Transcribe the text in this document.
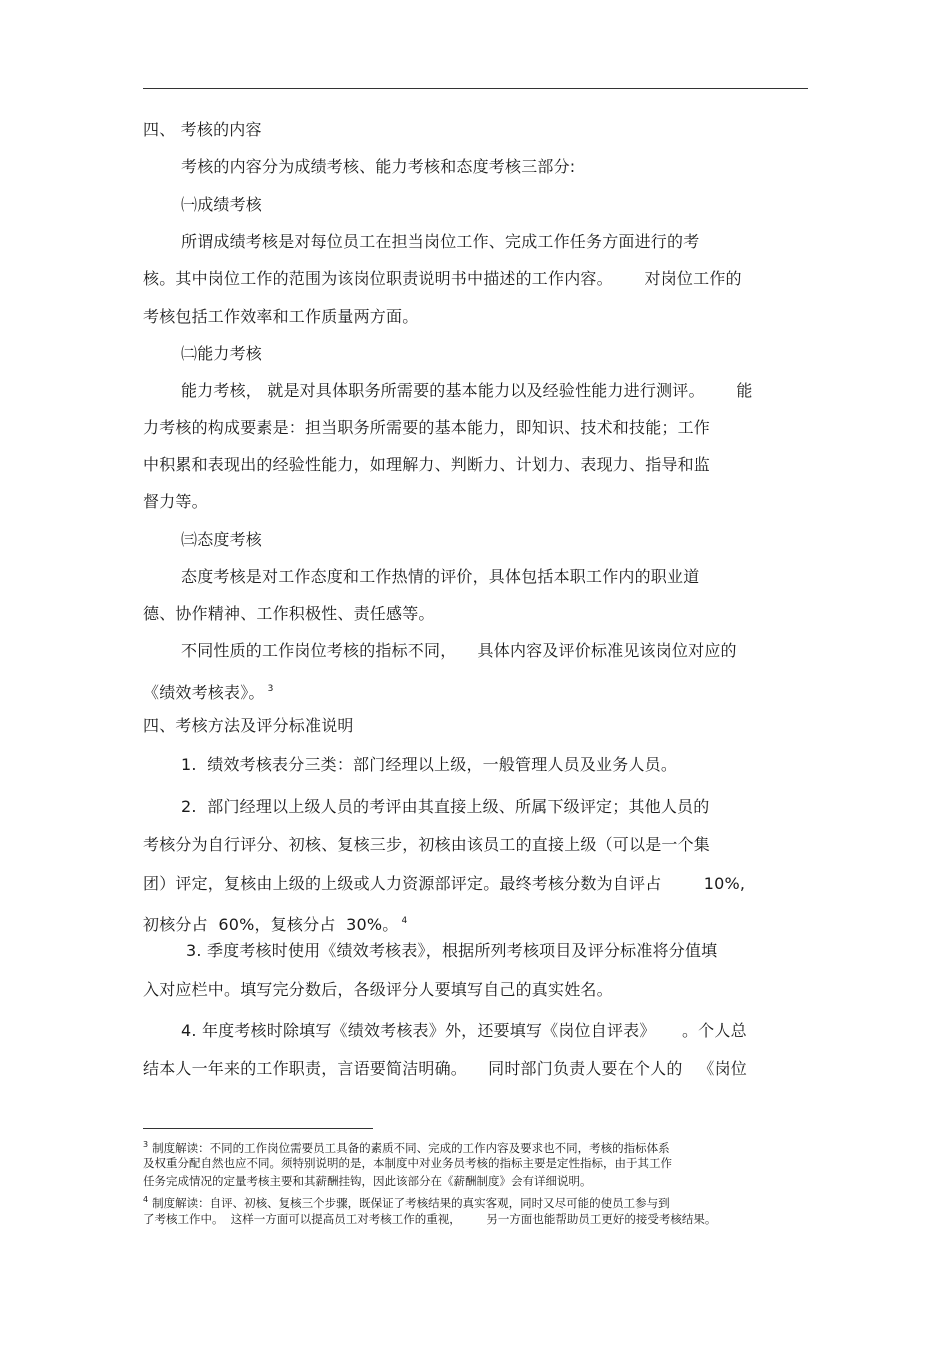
四、 考核的内容
考核的内容分为成绩考核、能力考核和态度考核三部分:
㈠成绩考核
所谓成绩考核是对每位员工在担当岗位工作、完成工作任务方面进行的考
核。其中岗位工作的范围为该岗位职责说明书中描述的工作内容。      对岗位工作的
考核包括工作效率和工作质量两方面。
㈡能力考核
能力考核， 就是对具体职务所需要的基本能力以及经验性能力进行测评。      能
力考核的构成要素是：担当职务所需要的基本能力，即知识、技术和技能；工作
中积累和表现出的经验性能力，如理解力、判断力、计划力、表现力、指导和监
督力等。
㈢态度考核
态度考核是对工作态度和工作热情的评价，具体包括本职工作内的职业道
德、协作精神、工作积极性、责任感等。
不同性质的工作岗位考核的指标不同，    具体内容及评价标准见该岗位对应的
《绩效考核表》。 $^3$
四、考核方法及评分标准说明
1.  绩效考核表分三类：部门经理以上级，一般管理人员及业务人员。
2.  部门经理以上级人员的考评由其直接上级、所属下级评定；其他人员的
考核分为自行评分、初核、复核三步，初核由该员工的直接上级（可以是一个集
团）评定，复核由上级的上级或人力资源部评定。最终考核分数为自评占        10%,
初核分占  60%，复核分占  30%。 $^4$
3. 季度考核时使用《绩效考核表》，根据所列考核项目及评分标准将分值填
入对应栏中。填写完分数后，各级评分人要填写自己的真实姓名。
4. 年度考核时除填写《绩效考核表》外，还要填写《岗位自评表》     。个人总
结本人一年来的工作职责，言语要简洁明确。    同时部门负责人要在个人的   《岗位
$^3$ 制度解读：不同的工作岗位需要员工具备的素质不同、完成的工作内容及要求也不同，考核的指标体系
及权重分配自然也应不同。须特别说明的是，本制度中对业务员考核的指标主要是定性指标，由于其工作
任务完成情况的定量考核主要和其薪酬挂钩，因此该部分在《薪酬制度》会有详细说明。
$^4$ 制度解读：自评、初核、复核三个步骤，既保证了考核结果的真实客观，同时又尽可能的使员工参与到
了考核工作中。  这样一方面可以提高员工对考核工作的重视，       另一方面也能帮助员工更好的接受考核结果。
